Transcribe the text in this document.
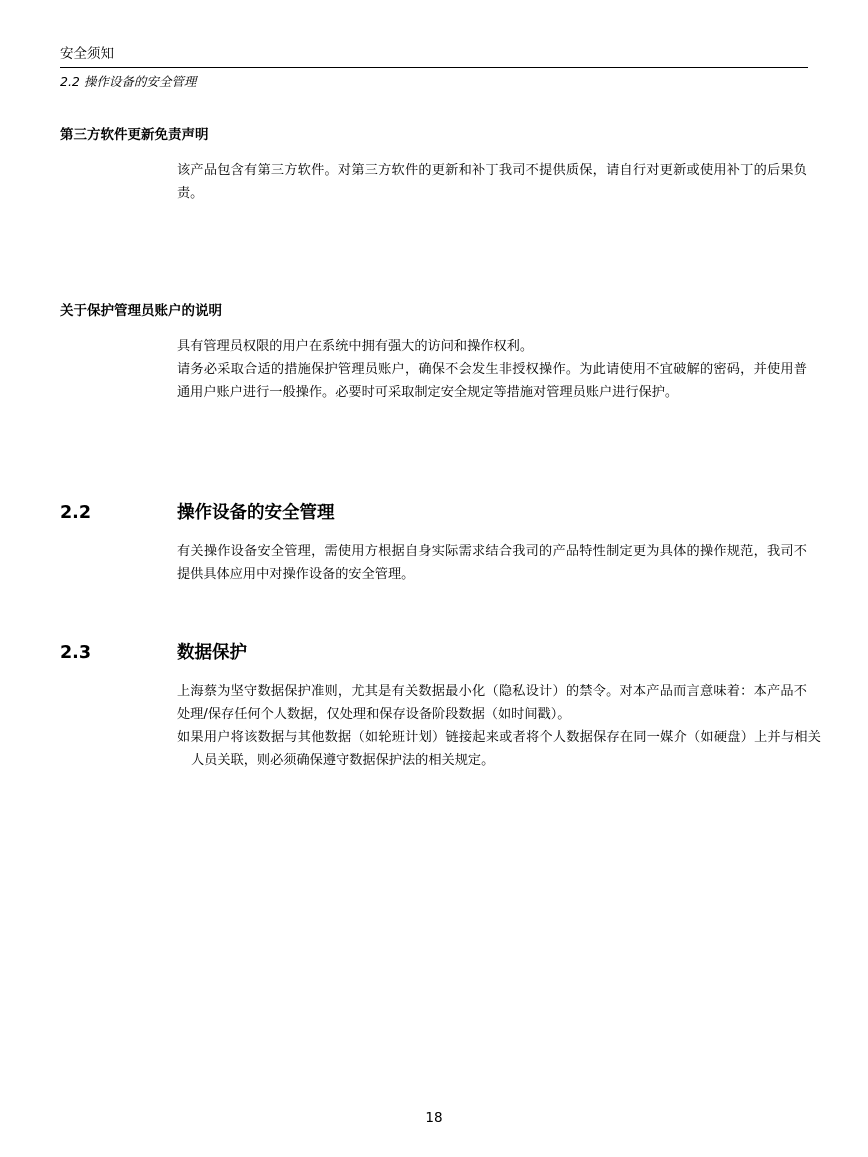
安全须知
2.2 操作设备的安全管理
第三方软件更新免责声明
该产品包含有第三方软件。对第三方软件的更新和补丁我司不提供质保，请自行对更新或使用补丁的后果负责。
关于保护管理员账户的说明
具有管理员权限的用户在系统中拥有强大的访问和操作权利。
请务必采取合适的措施保护管理员账户，确保不会发生非授权操作。为此请使用不宜破解的密码，并使用普通用户账户进行一般操作。必要时可采取制定安全规定等措施对管理员账户进行保护。
2.2	操作设备的安全管理
有关操作设备安全管理，需使用方根据自身实际需求结合我司的产品特性制定更为具体的操作规范，我司不提供具体应用中对操作设备的安全管理。
2.3	数据保护
上海蔡为坚守数据保护准则，尤其是有关数据最小化（隐私设计）的禁令。对本产品而言意味着：本产品不处理/保存任何个人数据，仅处理和保存设备阶段数据（如时间戳）。
如果用户将该数据与其他数据（如轮班计划）链接起来或者将个人数据保存在同一媒介（如硬盘）上并与相关人员关联，则必须确保遵守数据保护法的相关规定。
18
